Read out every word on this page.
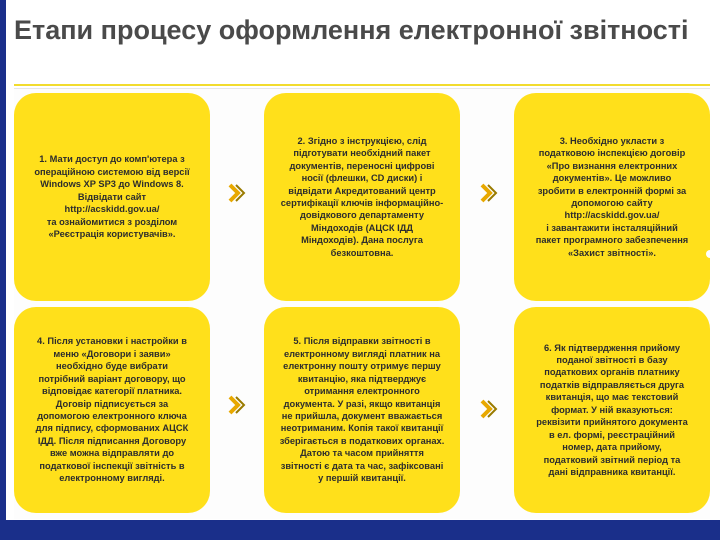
Етапи процесу оформлення електронної звітності

1. Мати доступ до комп'ютера з
операційною системою від версії
Windows XP SP3 до Windows 8.
Відвідати сайт
http://acskidd.gov.ua/
та ознайомитися з розділом
«Реєстрація користувачів».

2. Згідно з інструкцією, слід
підготувати необхідний пакет
документів, переносні цифрові
носії (флешки, CD диски) і
відвідати Акредитований центр
сертифікації ключів інформаційно-
довідкового департаменту
Міндоходів (АЦСК ІДД
Міндоходів). Дана послуга
безкоштовна.

3. Необхідно укласти з
податковою інспекцією договір
«Про визнання електронних
документів». Це можливо
зробити в електронній формі за
допомогою сайту
http://acskidd.gov.ua/
і завантажити інсталяційний
пакет програмного забезпечення
«Захист звітності».

4. Після установки і настройки в
меню «Договори і заяви»
необхідно буде вибрати
потрібний варіант договору, що
відповідає категорії платника.
Договір підписується за
допомогою електронного ключа
для підпису, сформованих АЦСК
ІДД. Після підписання Договору
вже можна відправляти до
податкової інспекції звітність в
електронному вигляді.

5. Після відправки звітності в
електронному вигляді платник на
електронну пошту отримує першу
квитанцію, яка підтверджує
отримання електронного
документа. У разі, якщо квитанція
не прийшла, документ вважається
неотриманим. Копія такої квитанції
зберігається в податкових органах.
Датою та часом прийняття
звітності є дата та час, зафіксовані
у першій квитанції.

6. Як підтвердження прийому
поданої звітності в базу
податкових органів платнику
податків відправляється друга
квитанція, що має текстовий
формат. У ній вказуються:
реквізити прийнятого документа
в ел. формі, реєстраційний
номер, дата прийому,
податковий звітний період та
дані відправника квитанції.
